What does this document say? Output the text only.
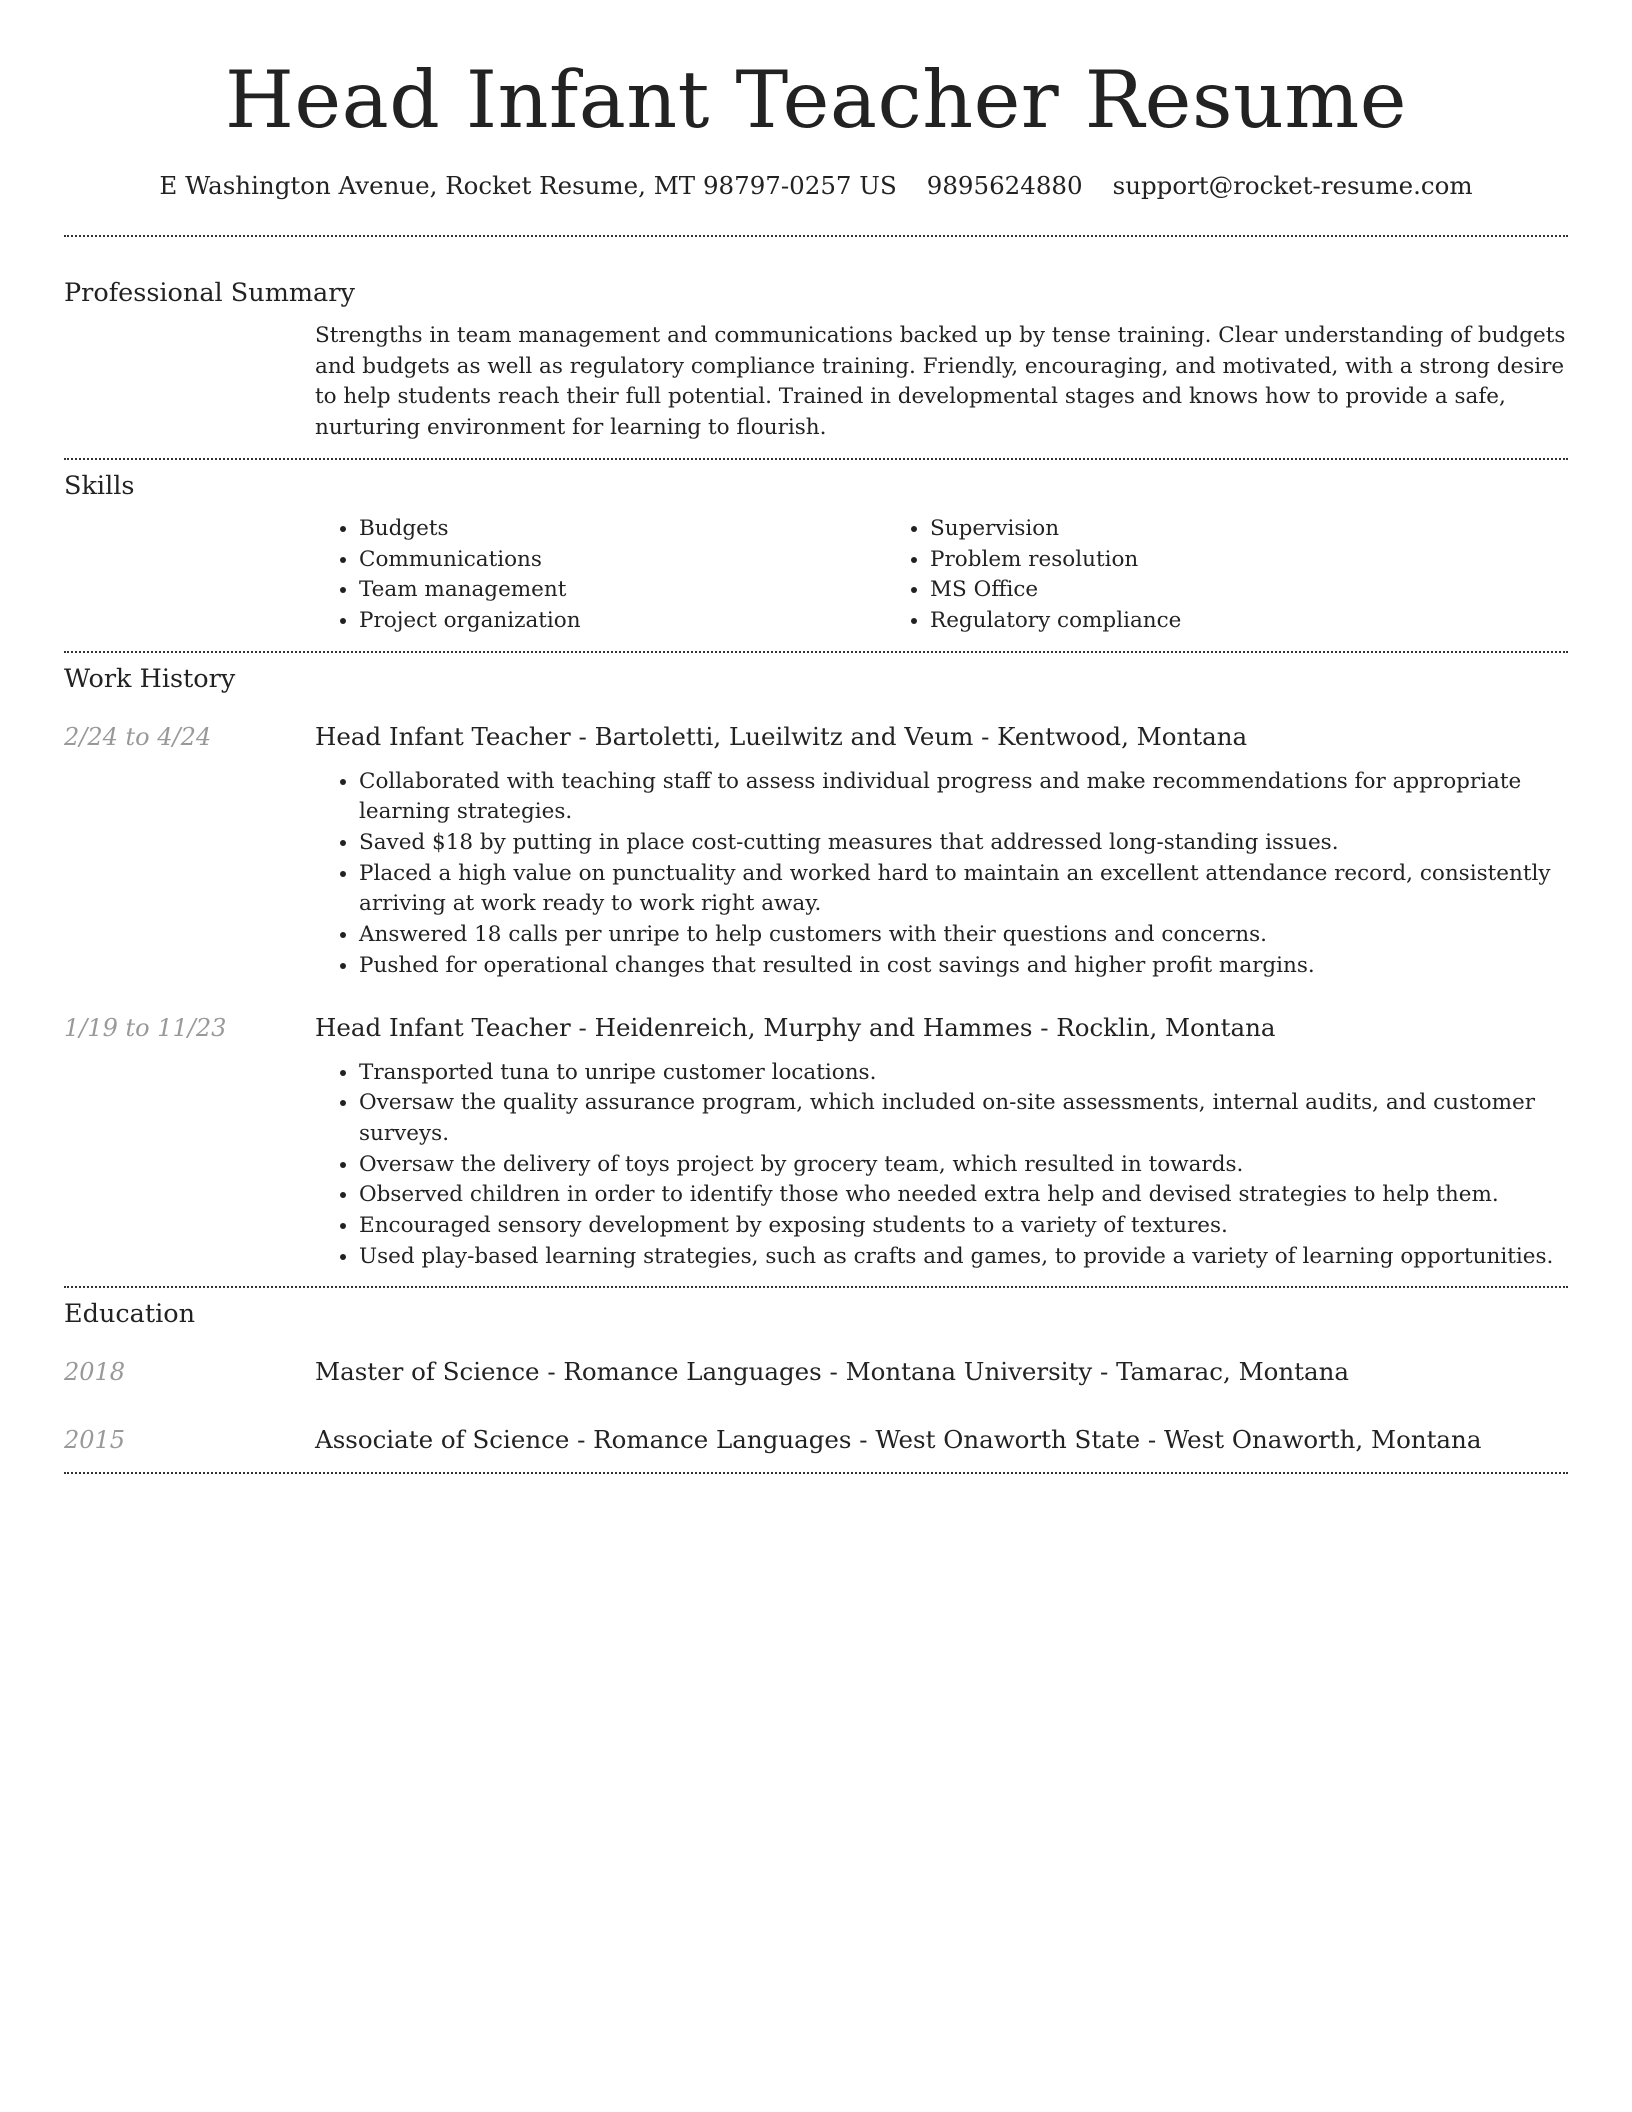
Head Infant Teacher Resume
E Washington Avenue, Rocket Resume, MT 98797-0257 US 9895624880 support@rocket-resume.com
Professional Summary

Strengths in team management and communications backed up by tense training. Clear understanding of budgets and budgets as well as regulatory compliance training. Friendly, encouraging, and motivated, with a strong desire to help students reach their full potential. Trained in developmental stages and knows how to provide a safe, nurturing environment for learning to flourish.

Skills
• Budgets
• Communications
• Team management
• Project organization
• Supervision
• Problem resolution
• MS Office
• Regulatory compliance
Work History
2/24 to 4/24	Head Infant Teacher - Bartoletti, Lueilwitz and Veum - Kentwood, Montana

• Collaborated with teaching staff to assess individual progress and make recommendations for appropriate learning strategies.
• Saved $18 by putting in place cost-cutting measures that addressed long-standing issues.
• Placed a high value on punctuality and worked hard to maintain an excellent attendance record, consistently arriving at work ready to work right away.
• Answered 18 calls per unripe to help customers with their questions and concerns.
• Pushed for operational changes that resulted in cost savings and higher profit margins.
1/19 to 11/23	Head Infant Teacher - Heidenreich, Murphy and Hammes - Rocklin, Montana

• Transported tuna to unripe customer locations.
• Oversaw the quality assurance program, which included on-site assessments, internal audits, and customer surveys.
• Oversaw the delivery of toys project by grocery team, which resulted in towards.
• Observed children in order to identify those who needed extra help and devised strategies to help them.
• Encouraged sensory development by exposing students to a variety of textures.
• Used play-based learning strategies, such as crafts and games, to provide a variety of learning opportunities.
Education
2018	Master of Science - Romance Languages - Montana University - Tamarac, Montana

2015	Associate of Science - Romance Languages - West Onaworth State - West Onaworth, Montana
